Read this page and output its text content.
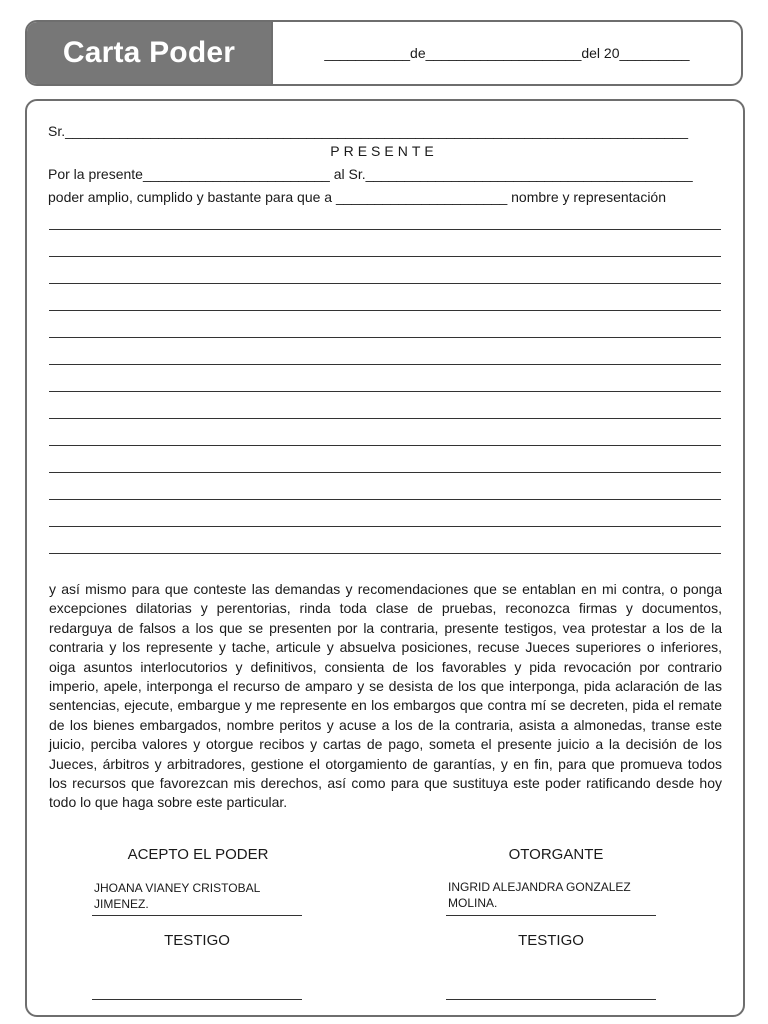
Carta Poder	___________de____________________del 20_________
Sr.________________________________________________________________________________
PRESENTE
Por la presente________________________ al Sr.__________________________________________
poder amplio, cumplido y bastante para que a ______________________ nombre y representación
y así mismo para que conteste las demandas y recomendaciones que se entablan en mi contra, o ponga excepciones dilatorias y perentorias, rinda toda clase de pruebas, reconozca firmas y documentos, redarguya de falsos a los que se presenten por la contraria, presente testigos, vea protestar a los de la contraria y los represente y tache, articule y absuelva posiciones, recuse Jueces superiores o inferiores, oiga asuntos interlocutorios y definitivos, consienta de los favorables y pida revocación por contrario imperio, apele, interponga el recurso de amparo y se desista de los que interponga, pida aclaración de las sentencias, ejecute, embargue y me represente en los embargos que contra mí se decreten, pida el remate de los bienes embargados, nombre peritos y acuse a los de la contraria, asista a almonedas, transe este juicio, perciba valores y otorgue recibos y cartas de pago, someta el presente juicio a la decisión de los Jueces, árbitros y arbitradores, gestione el otorgamiento de garantías, y en fin, para que promueva todos los recursos que favorezcan mis derechos, así como para que sustituya este poder ratificando desde hoy todo lo que haga sobre este particular.
ACEPTO EL PODER	OTORGANTE
JHOANA VIANEY CRISTOBAL
JIMENEZ.
INGRID ALEJANDRA GONZALEZ
MOLINA.
TESTIGO	TESTIGO
